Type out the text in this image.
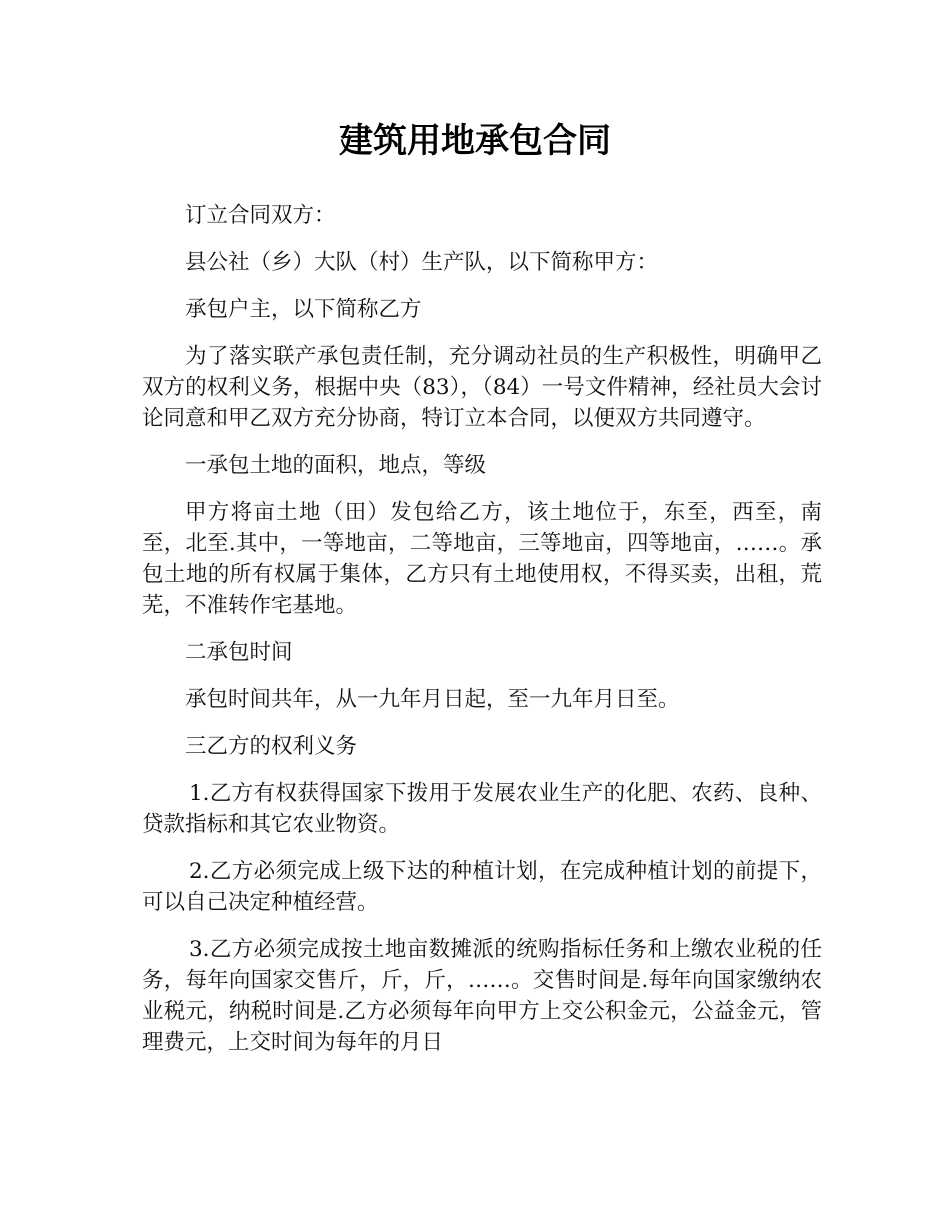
建筑用地承包合同

订立合同双方：

县公社（乡）大队（村）生产队，以下简称甲方：

承包户主，以下简称乙方

为了落实联产承包责任制，充分调动社员的生产积极性，明确甲乙双方的权利义务，根据中央（83），（84）一号文件精神，经社员大会讨论同意和甲乙双方充分协商，特订立本合同，以便双方共同遵守。

一承包土地的面积，地点，等级

甲方将亩土地（田）发包给乙方，该土地位于，东至，西至，南至，北至.其中，一等地亩，二等地亩，三等地亩，四等地亩，……。承包土地的所有权属于集体，乙方只有土地使用权，不得买卖，出租，荒芜，不准转作宅基地。

二承包时间

承包时间共年，从一九年月日起，至一九年月日至。

三乙方的权利义务

1.乙方有权获得国家下拨用于发展农业生产的化肥、农药、良种、贷款指标和其它农业物资。

2.乙方必须完成上级下达的种植计划，在完成种植计划的前提下，可以自己决定种植经营。

3.乙方必须完成按土地亩数摊派的统购指标任务和上缴农业税的任务，每年向国家交售斤，斤，斤，……。交售时间是.每年向国家缴纳农业税元，纳税时间是.乙方必须每年向甲方上交公积金元，公益金元，管理费元，上交时间为每年的月日
